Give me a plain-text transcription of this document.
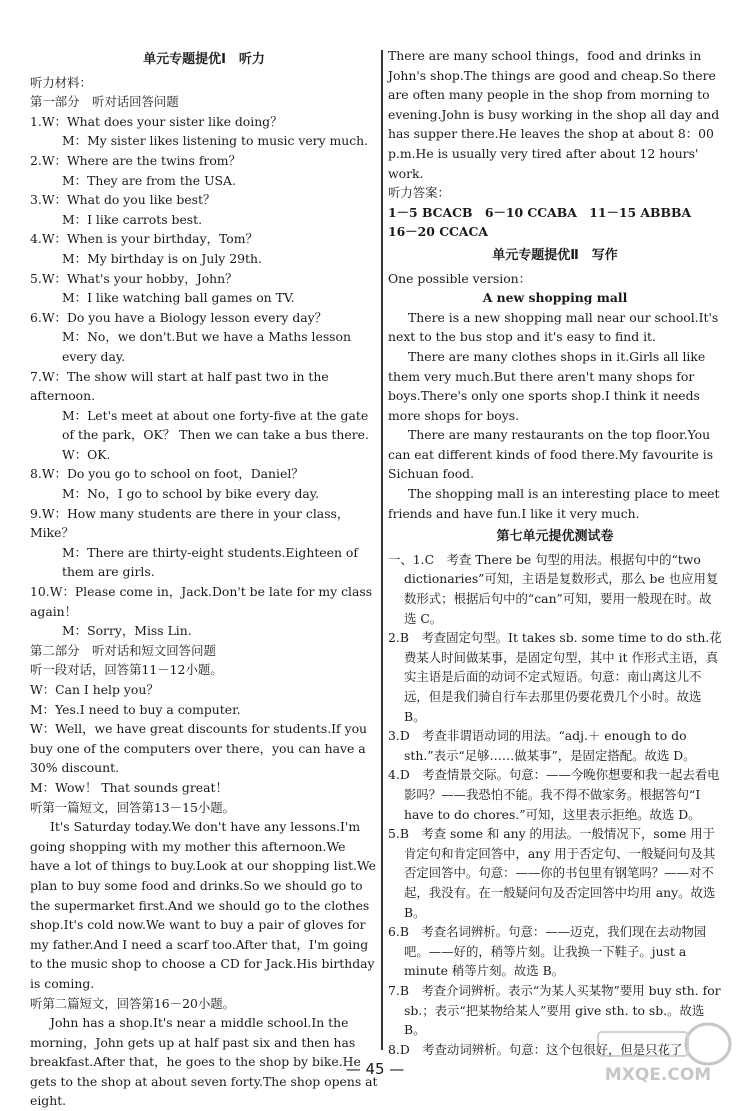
单元专题提优Ⅰ　听力

听力材料：

第一部分　听对话回答问题

1.W：What does your sister like doing？

M：My sister likes listening to music very much.

2.W：Where are the twins from？

M：They are from the USA.

3.W：What do you like best？

M：I like carrots best.

4.W：When is your birthday，Tom？

M：My birthday is on July 29th.

5.W：What's your hobby，John？

M：I like watching ball games on TV.

6.W：Do you have a Biology lesson every day？

M：No，we don't.But we have a Maths lesson every day.

7.W：The show will start at half past two in the afternoon.

M：Let's meet at about one forty-five at the gate of the park，OK？ Then we can take a bus there.

W：OK.

8.W：Do you go to school on foot，Daniel？

M：No，I go to school by bike every day.

9.W：How many students are there in your class，Mike？

M：There are thirty-eight students.Eighteen of them are girls.

10.W：Please come in，Jack.Don't be late for my class again！

M：Sorry，Miss Lin.

第二部分　听对话和短文回答问题

听一段对话，回答第11－12小题。

W：Can I help you？

M：Yes.I need to buy a computer.

W：Well，we have great discounts for students.If you buy one of the computers over there，you can have a 30% discount.

M：Wow！ That sounds great！

听第一篇短文，回答第13－15小题。

It's Saturday today.We don't have any lessons.I'm going shopping with my mother this afternoon.We have a lot of things to buy.Look at our shopping list.We plan to buy some food and drinks.So we should go to the supermarket first.And we should go to the clothes shop.It's cold now.We want to buy a pair of gloves for my father.And I need a scarf too.After that，I'm going to the music shop to choose a CD for Jack.His birthday is coming.

听第二篇短文，回答第16－20小题。

John has a shop.It's near a middle school.In the morning，John gets up at half past six and then has breakfast.After that，he goes to the shop by bike.He gets to the shop at about seven forty.The shop opens at eight.

There are many school things，food and drinks in John's shop.The things are good and cheap.So there are often many people in the shop from morning to evening.John is busy working in the shop all day and has supper there.He leaves the shop at about 8：00 p.m.He is usually very tired after about 12 hours' work.

听力答案：

1－5 BCACB　6－10 CCABA　11－15 ABBBA

16－20 CCACA

单元专题提优Ⅱ　写作

One possible version：

A new shopping mall

There is a new shopping mall near our school.It's next to the bus stop and it's easy to find it.

There are many clothes shops in it.Girls all like them very much.But there aren't many shops for boys.There's only one sports shop.I think it needs more shops for boys.

There are many restaurants on the top floor.You can eat different kinds of food there.My favourite is Sichuan food.

The shopping mall is an interesting place to meet friends and have fun.I like it very much.

第七单元提优测试卷

一、1.C　考查 There be 句型的用法。根据句中的“two dictionaries”可知，主语是复数形式，那么 be 也应用复数形式；根据后句中的“can”可知，要用一般现在时。故选 C。

2.B　考查固定句型。It takes sb. some time to do sth.花费某人时间做某事，是固定句型，其中 it 作形式主语，真实主语是后面的动词不定式短语。句意：南山离这儿不远，但是我们骑自行车去那里仍要花费几个小时。故选 B。

3.D　考查非谓语动词的用法。“adj.＋ enough to do sth.”表示“足够……做某事”，是固定搭配。故选 D。

4.D　考查情景交际。句意：——今晚你想要和我一起去看电影吗？——我恐怕不能。我不得不做家务。根据答句“I have to do chores.”可知，这里表示拒绝。故选 D。

5.B　考查 some 和 any 的用法。一般情况下，some 用于肯定句和肯定回答中，any 用于否定句、一般疑问句及其否定回答中。句意：——你的书包里有钢笔吗？——对不起，我没有。在一般疑问句及否定回答中均用 any。故选 B。

6.B　考查名词辨析。句意：——迈克，我们现在去动物园吧。——好的，稍等片刻。让我换一下鞋子。just a minute 稍等片刻。故选 B。

7.B　考查介词辨析。表示“为某人买某物”要用 buy sth. for sb.；表示“把某物给某人”要用 give sth. to sb.。故选 B。

8.D　考查动词辨析。句意：这个包很好，但是只花了

— 45 —	MXQE.COM
